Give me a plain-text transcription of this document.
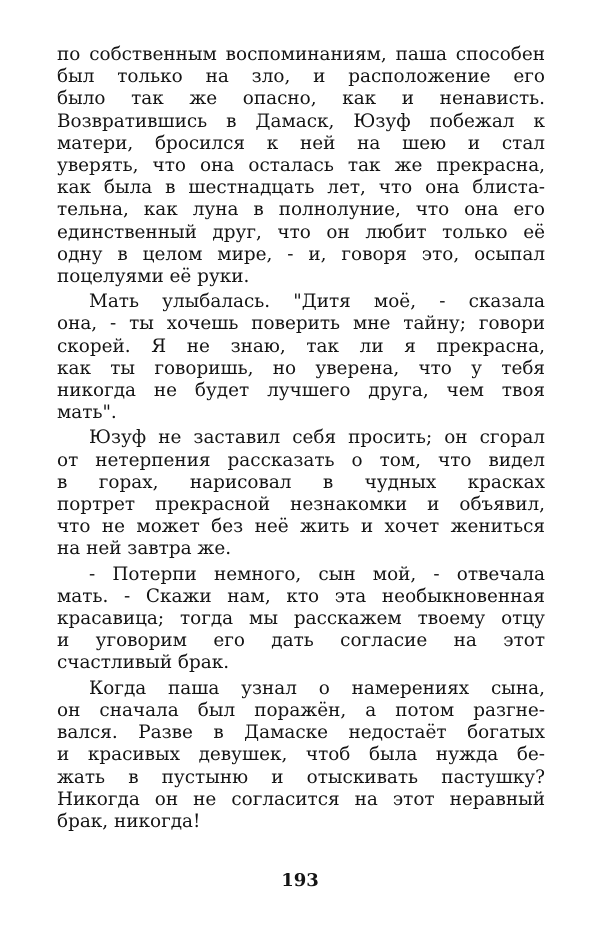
по собственным воспоминаниям, паша способен
был только на зло, и расположение его
было так же опасно, как и ненависть.
Возвратившись в Дамаск, Юзуф побежал к
матери, бросился к ней на шею и стал
уверять, что она осталась так же прекрасна,
как была в шестнадцать лет, что она блиста-
тельна, как луна в полнолуние, что она его
единственный друг, что он любит только её
одну в целом мире, - и, говоря это, осыпал
поцелуями её руки.
Мать улыбалась. "Дитя моё, - сказала
она, - ты хочешь поверить мне тайну; говори
скорей. Я не знаю, так ли я прекрасна,
как ты говоришь, но уверена, что у тебя
никогда не будет лучшего друга, чем твоя
мать".
Юзуф не заставил себя просить; он сгорал
от нетерпения рассказать о том, что видел
в горах, нарисовал в чудных красках
портрет прекрасной незнакомки и объявил,
что не может без неё жить и хочет жениться
на ней завтра же.
- Потерпи немного, сын мой, - отвечала
мать. - Скажи нам, кто эта необыкновенная
красавица; тогда мы расскажем твоему отцу
и уговорим его дать согласие на этот
счастливый брак.
Когда паша узнал о намерениях сына,
он сначала был поражён, а потом разгне-
вался. Разве в Дамаске недостаёт богатых
и красивых девушек, чтоб была нужда бе-
жать в пустыню и отыскивать пастушку?
Никогда он не согласится на этот неравный
брак, никогда!
193
